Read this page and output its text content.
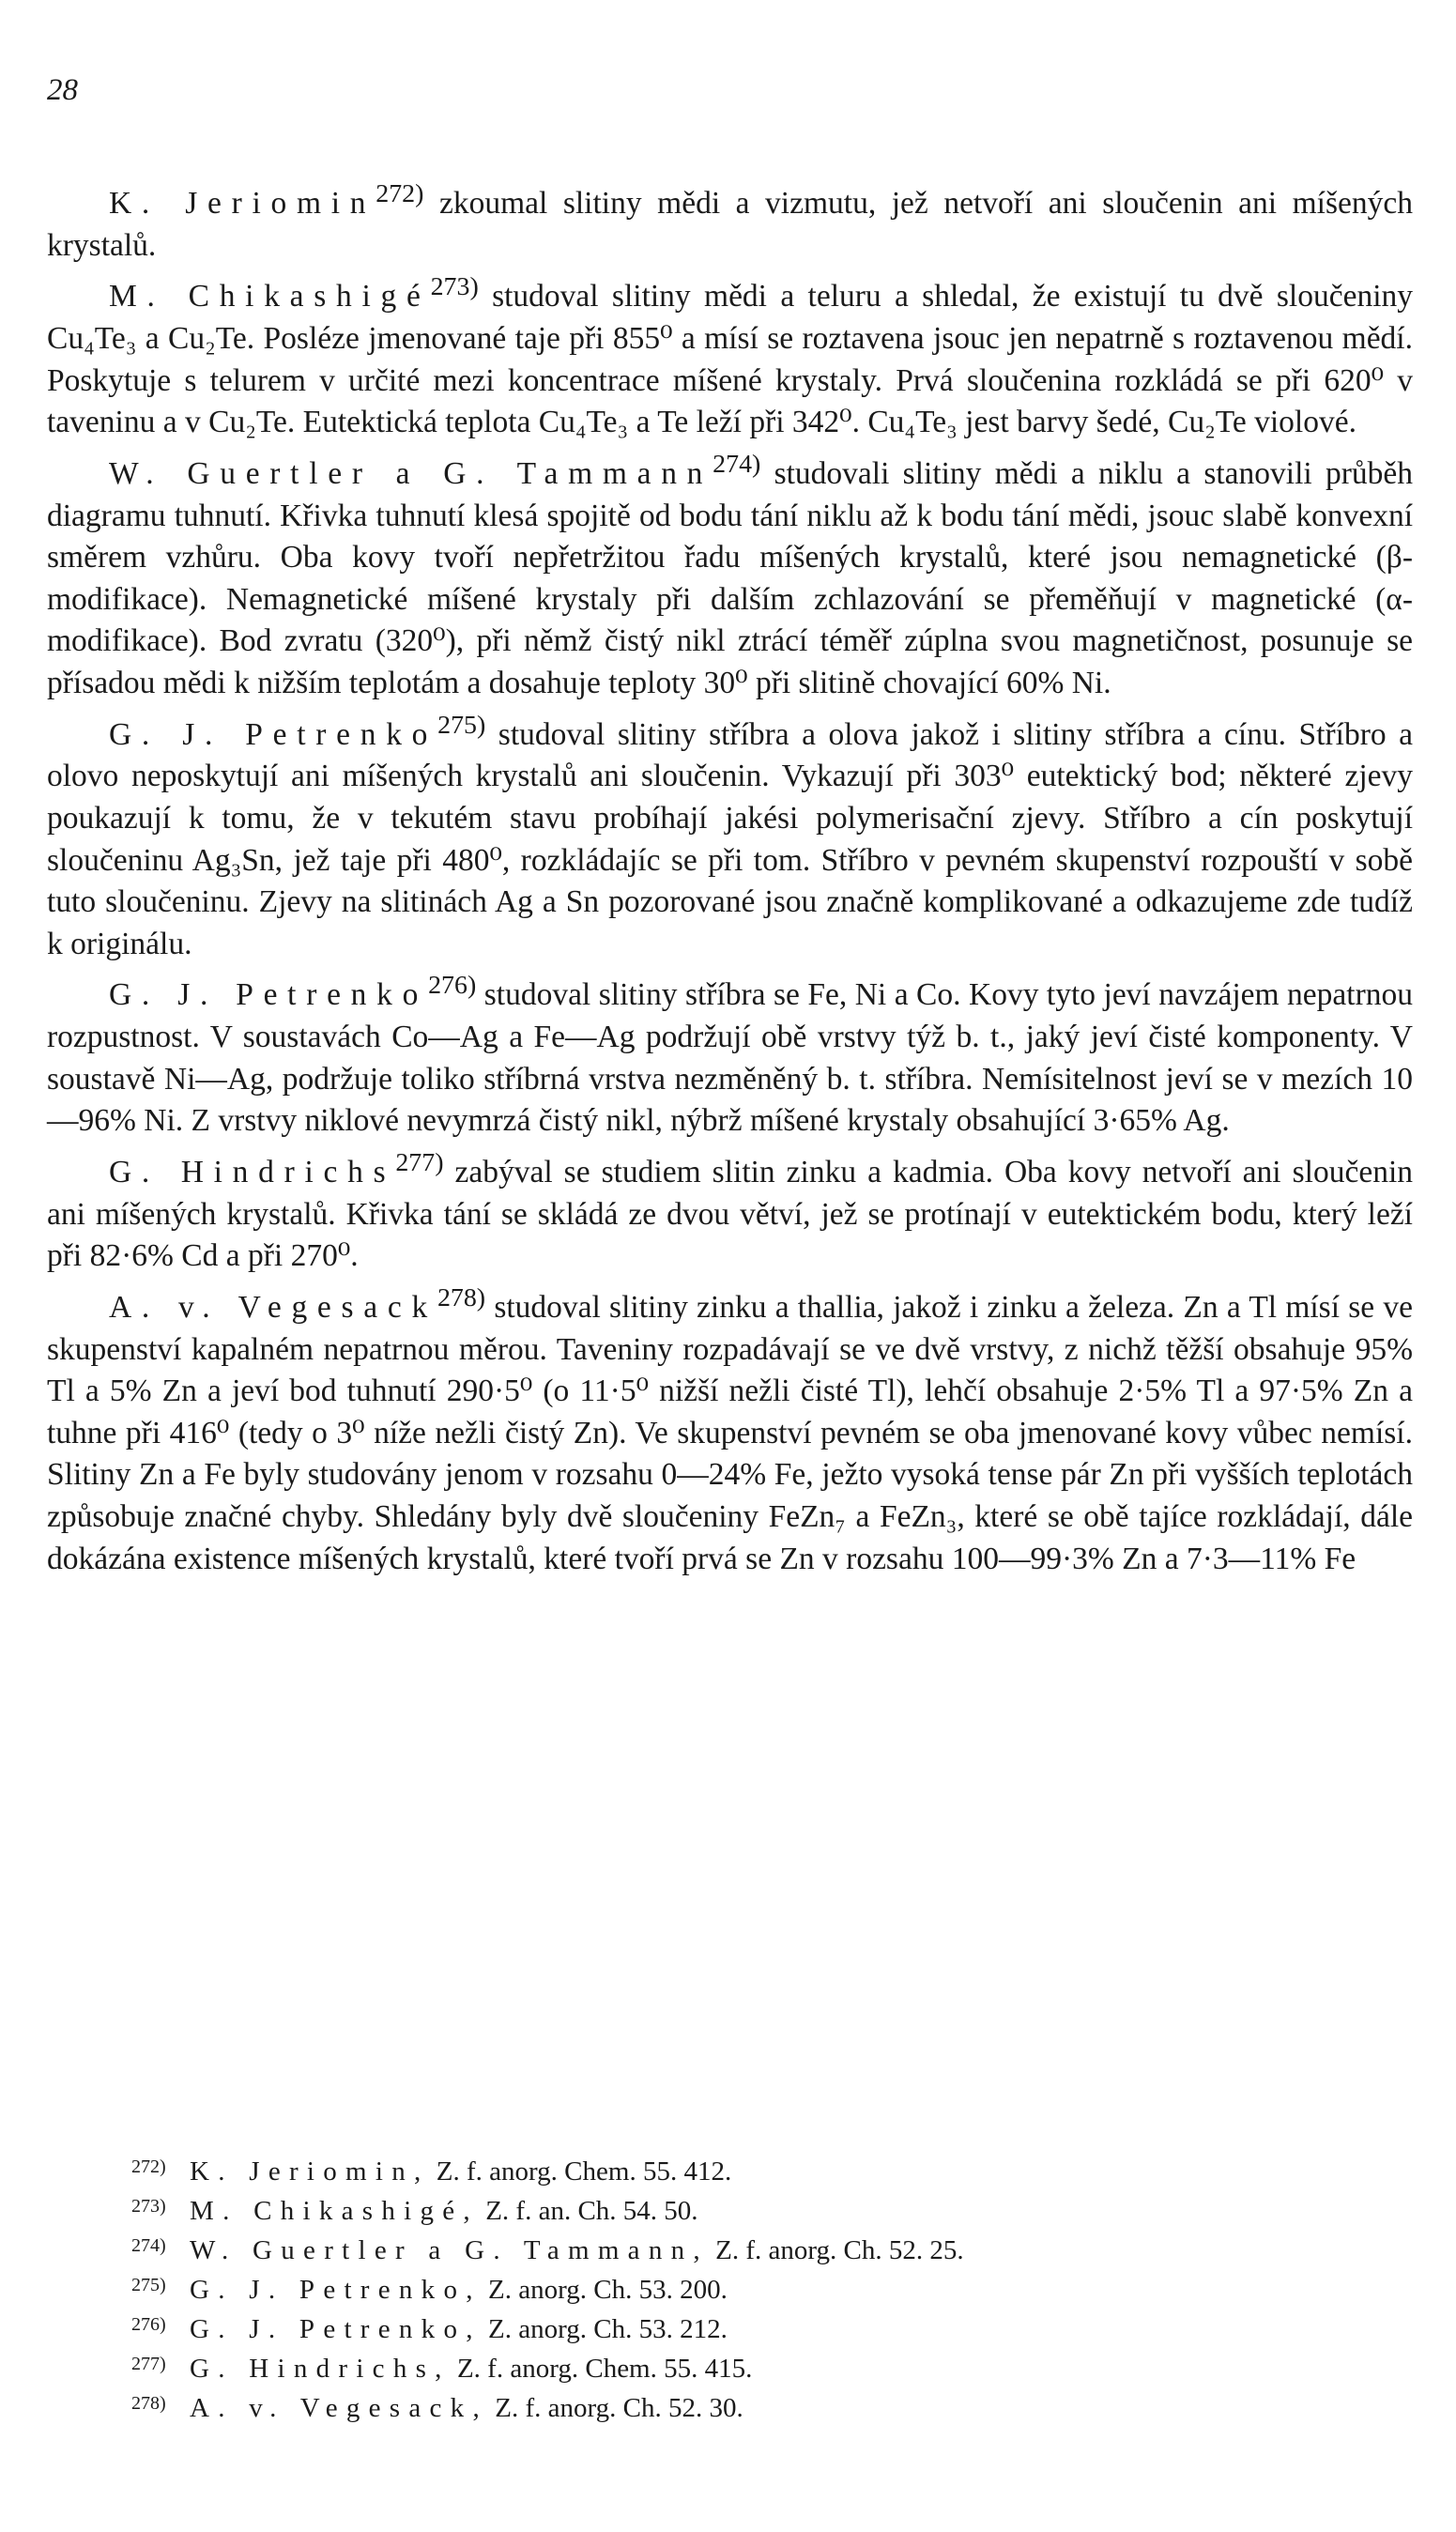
28

K. Jeriomin$^{272)}$ zkoumal slitiny mědi a vizmutu, jež netvoří ani sloučenin ani míšených krystalů.

M. Chikashigé$^{273)}$ studoval slitiny mědi a teluru a shledal, že existují tu dvě sloučeniny Cu₄Te₃ a Cu₂Te. Posléze jmenované taje při 855⁰ a mísí se roztavena jsouc jen nepatrně s roztavenou mědí. Poskytuje s telurem v určité mezi koncentrace míšené krystaly. Prvá sloučenina rozkládá se při 620⁰ v taveninu a v Cu₂Te. Eutektická teplota Cu₄Te₃ a Te leží při 342⁰. Cu₄Te₃ jest barvy šedé, Cu₂Te violové.

W. Guertler a G. Tammann$^{274)}$ studovali slitiny mědi a niklu a stanovili průběh diagramu tuhnutí. Křivka tuhnutí klesá spojitě od bodu tání niklu až k bodu tání mědi, jsouc slabě konvexní směrem vzhůru. Oba kovy tvoří nepřetržitou řadu míšených krystalů, které jsou nemagnetické (β-modifikace). Nemagnetické míšené krystaly při dalším zchlazování se přeměňují v magnetické (α-modifikace). Bod zvratu (320⁰), při němž čistý nikl ztrácí téměř zúplna svou magnetičnost, posunuje se přísadou mědi k nižším teplotám a dosahuje teploty 30⁰ při slitině chovající 60% Ni.

G. J. Petrenko$^{275)}$ studoval slitiny stříbra a olova jakož i slitiny stříbra a cínu. Stříbro a olovo neposkytují ani míšených krystalů ani sloučenin. Vykazují při 303⁰ eutektický bod; některé zjevy poukazují k tomu, že v tekutém stavu probíhají jakési polymerisační zjevy. Stříbro a cín poskytují sloučeninu Ag₃Sn, jež taje při 480⁰, rozkládajíc se při tom. Stříbro v pevném skupenství rozpouští v sobě tuto sloučeninu. Zjevy na slitinách Ag a Sn pozorované jsou značně komplikované a odkazujeme zde tudíž k originálu.

G. J. Petrenko$^{276)}$ studoval slitiny stříbra se Fe, Ni a Co. Kovy tyto jeví navzájem nepatrnou rozpustnost. V soustavách Co—Ag a Fe—Ag podržují obě vrstvy týž b. t., jaký jeví čisté komponenty. V soustavě Ni—Ag, podržuje toliko stříbrná vrstva nezměněný b. t. stříbra. Nemísitelnost jeví se v mezích 10—96% Ni. Z vrstvy niklové nevymrzá čistý nikl, nýbrž míšené krystaly obsahující 3·65% Ag.

G. Hindrichs$^{277)}$ zabýval se studiem slitin zinku a kadmia. Oba kovy netvoří ani sloučenin ani míšených krystalů. Křivka tání se skládá ze dvou větví, jež se protínají v eutektickém bodu, který leží při 82·6% Cd a při 270⁰.

A. v. Vegesack$^{278)}$ studoval slitiny zinku a thallia, jakož i zinku a železa. Zn a Tl mísí se ve skupenství kapalném nepatrnou měrou. Taveniny rozpadávají se ve dvě vrstvy, z nichž těžší obsahuje 95% Tl a 5% Zn a jeví bod tuhnutí 290·5⁰ (o 11·5⁰ nižší nežli čisté Tl), lehčí obsahuje 2·5% Tl a 97·5% Zn a tuhne při 416⁰ (tedy o 3⁰ níže nežli čistý Zn). Ve skupenství pevném se oba jmenované kovy vůbec nemísí. Slitiny Zn a Fe byly studovány jenom v rozsahu 0—24% Fe, ježto vysoká tense pár Zn při vyšších teplotách způsobuje značné chyby. Shledány byly dvě sloučeniny FeZn₇ a FeZn₃, které se obě tajíce rozkládají, dále dokázána existence míšených krystalů, které tvoří prvá se Zn v rozsahu 100—99·3% Zn a 7·3—11% Fe

272) K. Jeriomin, Z. f. anorg. Chem. 55. 412.

273) M. Chikashigé, Z. f. an. Ch. 54. 50.

274) W. Guertler a G. Tammann, Z. f. anorg. Ch. 52. 25.

275) G. J. Petrenko, Z. anorg. Ch. 53. 200.

276) G. J. Petrenko, Z. anorg. Ch. 53. 212.

277) G. Hindrichs, Z. f. anorg. Chem. 55. 415.

278) A. v. Vegesack, Z. f. anorg. Ch. 52. 30.
